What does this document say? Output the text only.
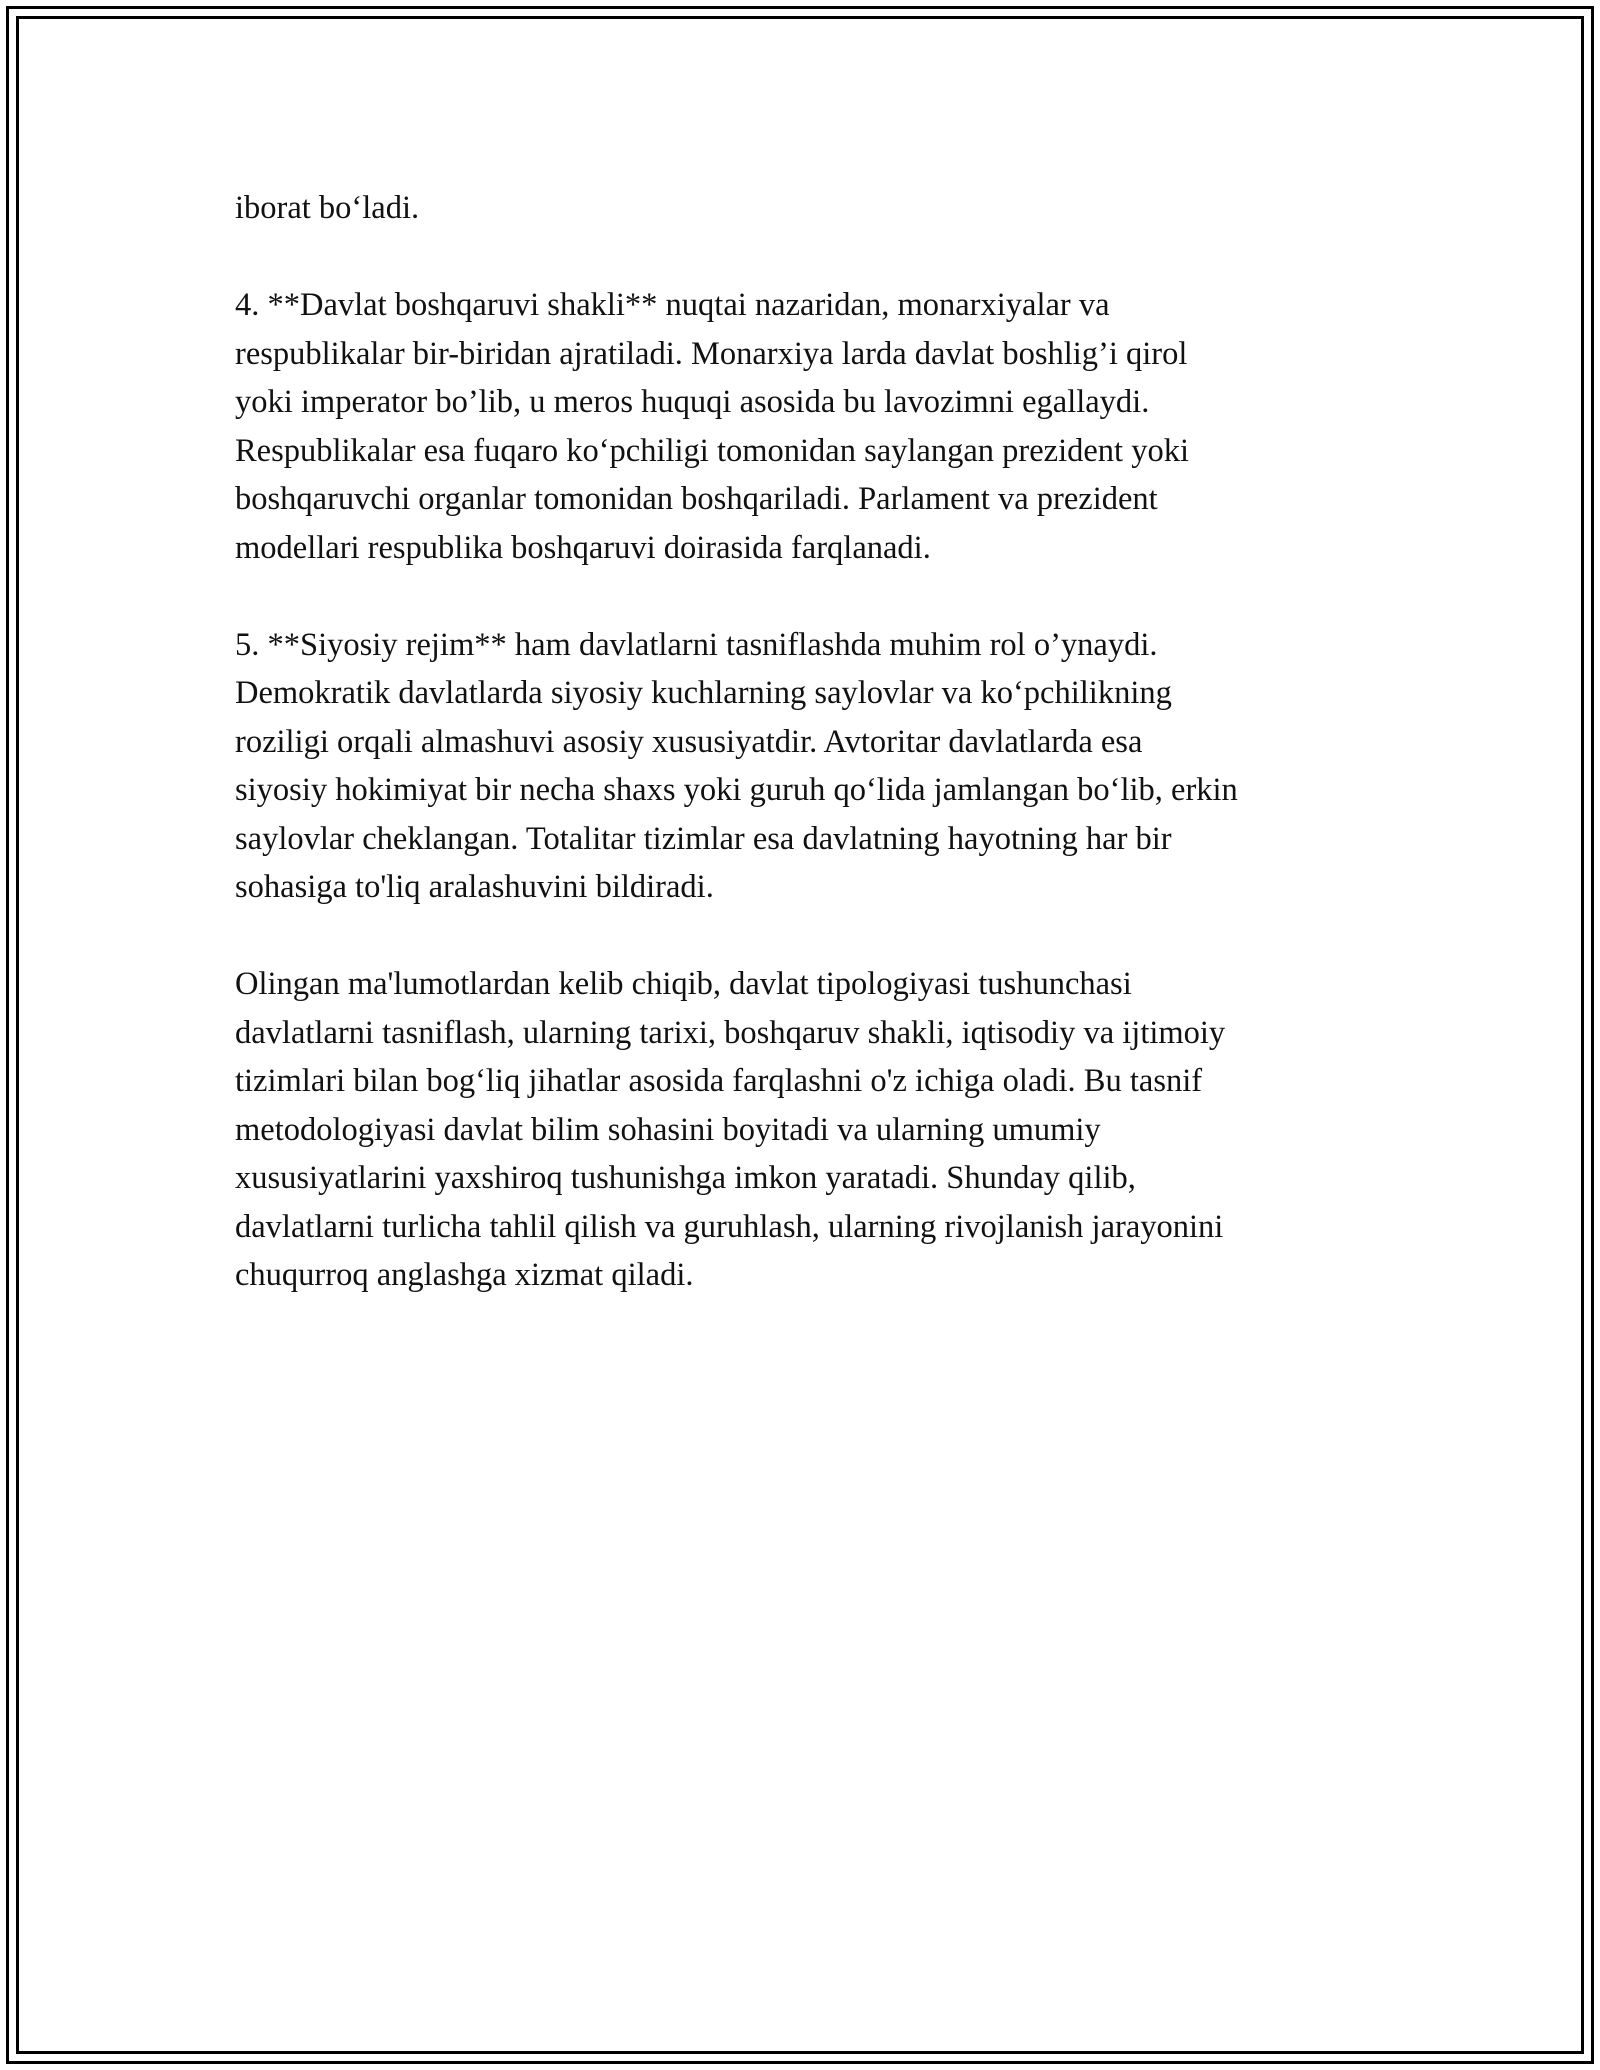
iborat bo‘ladi.
4. **Davlat boshqaruvi shakli** nuqtai nazaridan, monarxiyalar va
respublikalar bir-biridan ajratiladi. Monarxiya larda davlat boshlig’i qirol
yoki imperator bo’lib, u meros huquqi asosida bu lavozimni egallaydi.
Respublikalar esa fuqaro ko‘pchiligi tomonidan saylangan prezident yoki
boshqaruvchi organlar tomonidan boshqariladi. Parlament va prezident
modellari respublika boshqaruvi doirasida farqlanadi.
5. **Siyosiy rejim** ham davlatlarni tasniflashda muhim rol o’ynaydi.
Demokratik davlatlarda siyosiy kuchlarning saylovlar va ko‘pchilikning
roziligi orqali almashuvi asosiy xususiyatdir. Avtoritar davlatlarda esa
siyosiy hokimiyat bir necha shaxs yoki guruh qo‘lida jamlangan bo‘lib, erkin
saylovlar cheklangan. Totalitar tizimlar esa davlatning hayotning har bir
sohasiga to'liq aralashuvini bildiradi.
Olingan ma'lumotlardan kelib chiqib, davlat tipologiyasi tushunchasi
davlatlarni tasniflash, ularning tarixi, boshqaruv shakli, iqtisodiy va ijtimoiy
tizimlari bilan bog‘liq jihatlar asosida farqlashni o'z ichiga oladi. Bu tasnif
metodologiyasi davlat bilim sohasini boyitadi va ularning umumiy
xususiyatlarini yaxshiroq tushunishga imkon yaratadi. Shunday qilib,
davlatlarni turlicha tahlil qilish va guruhlash, ularning rivojlanish jarayonini
chuqurroq anglashga xizmat qiladi.
